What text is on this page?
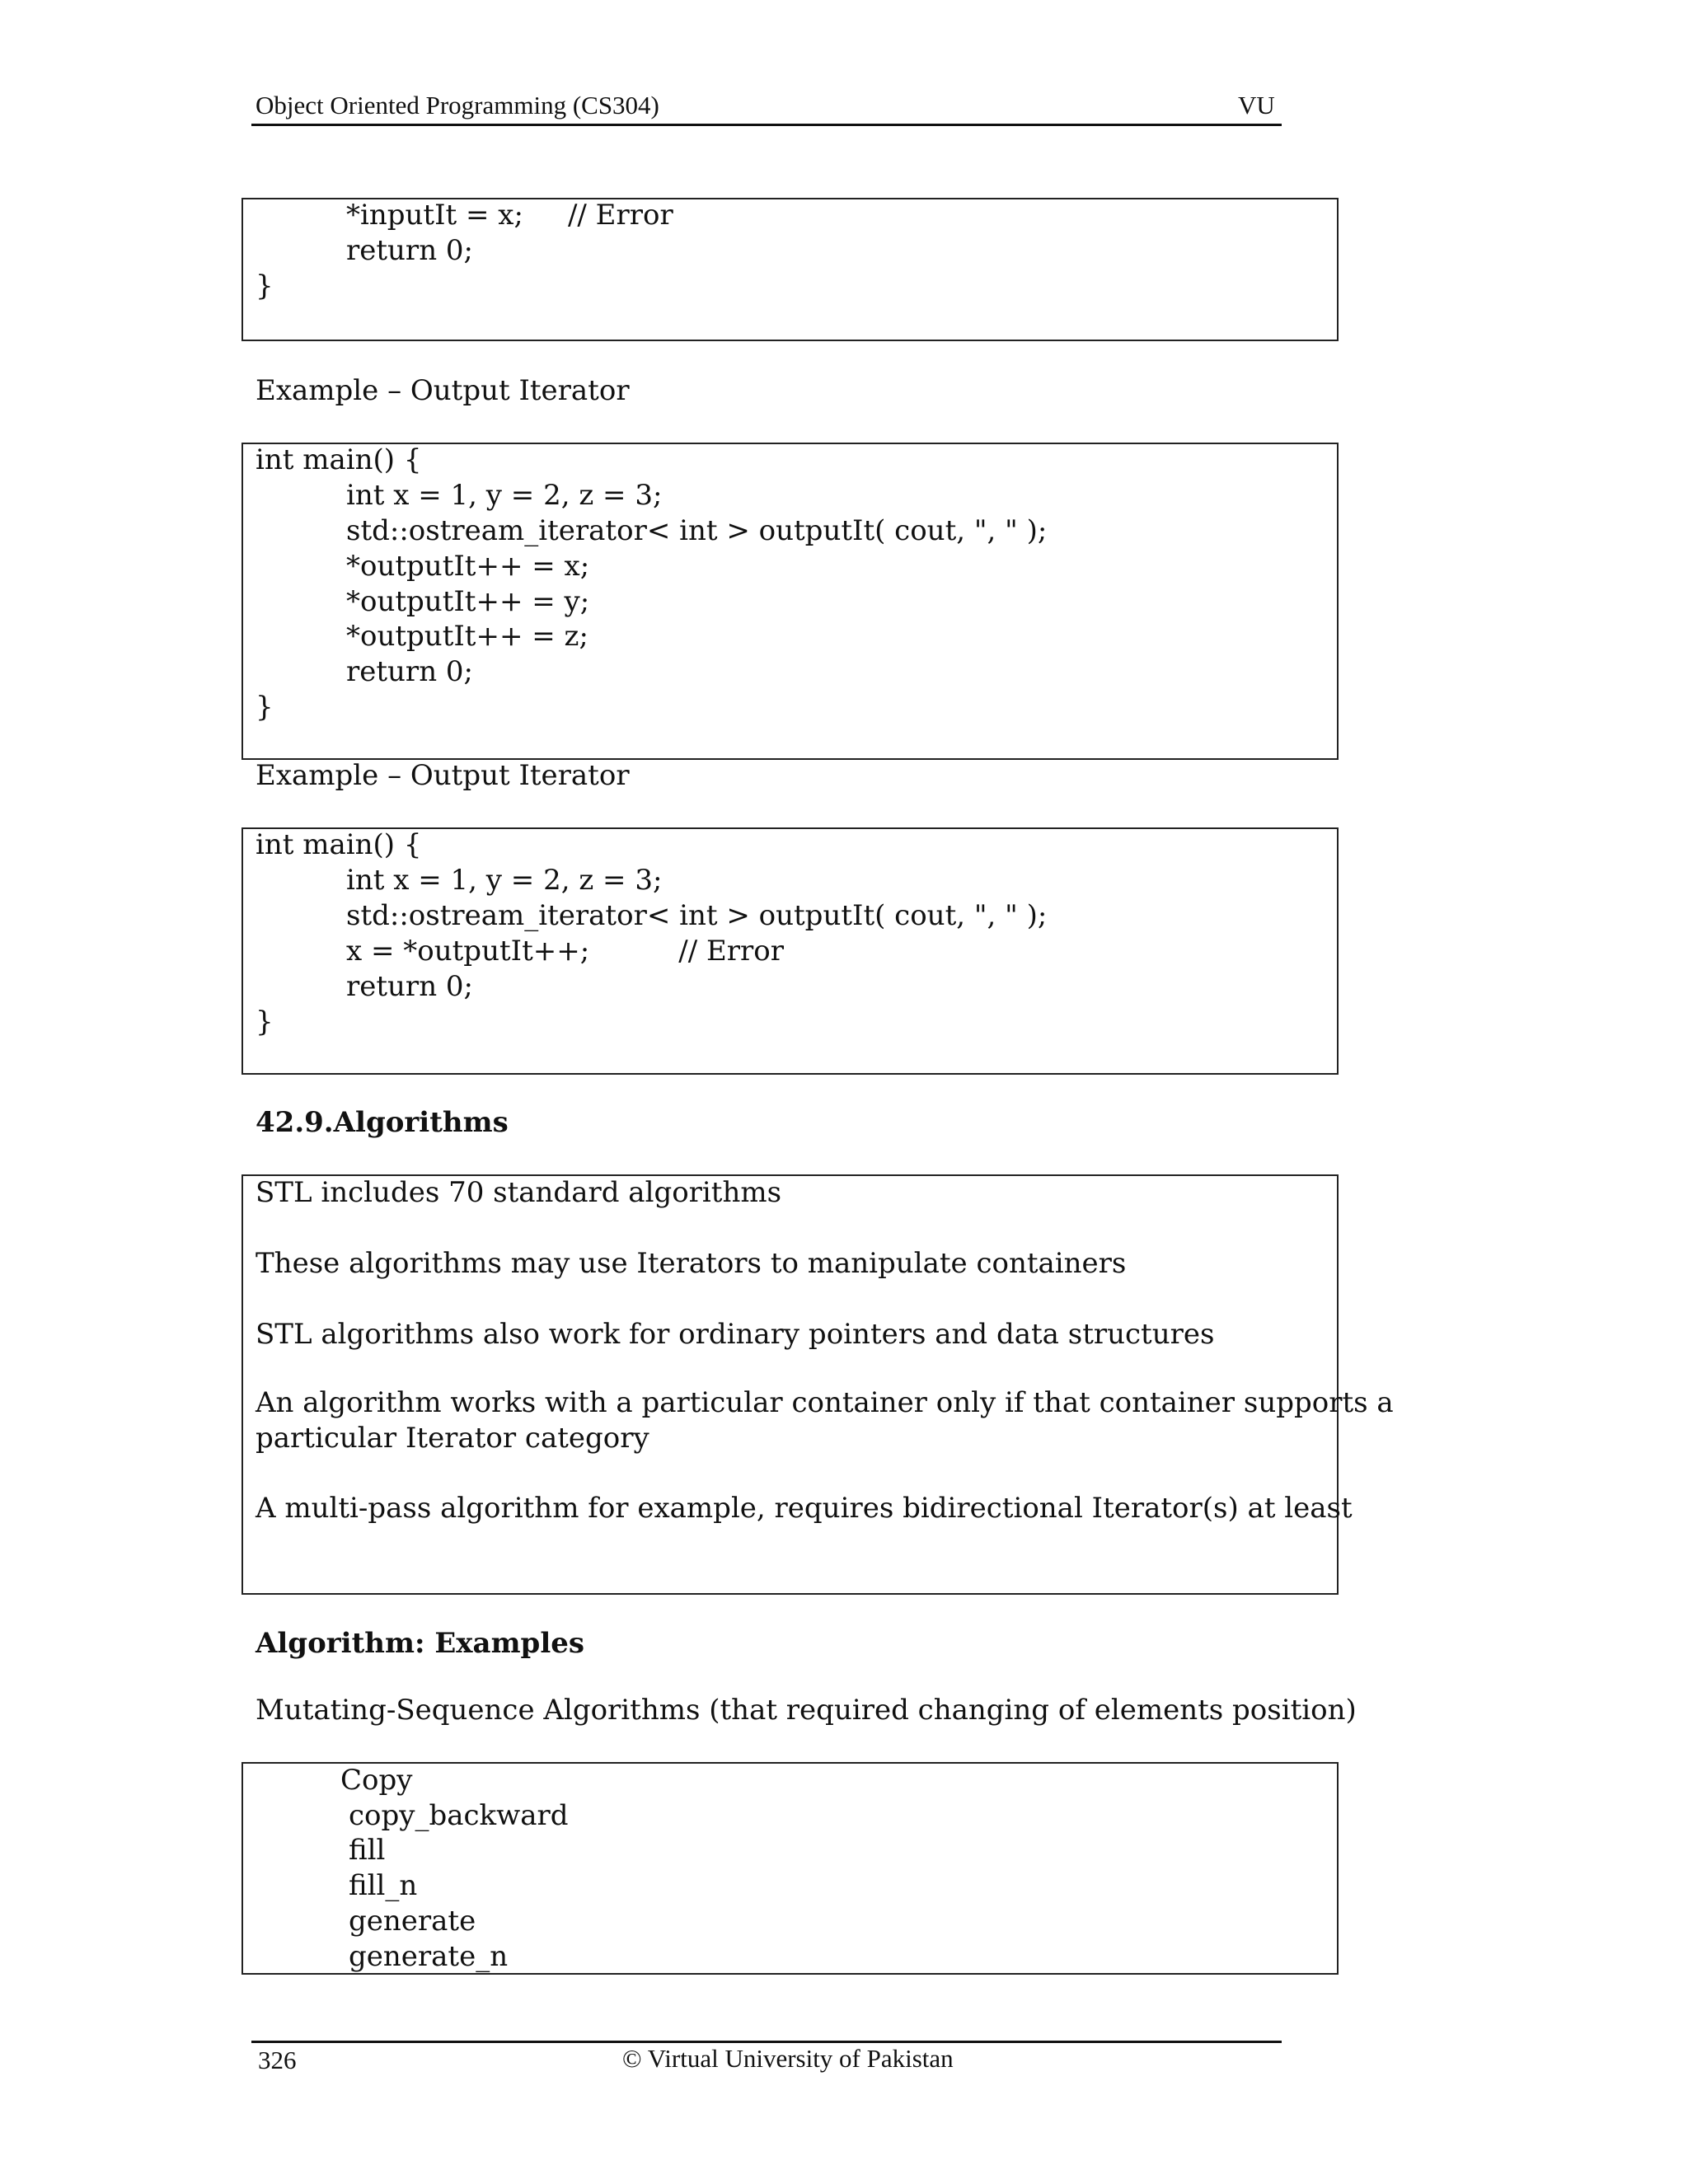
Object Oriented Programming (CS304)	VU
*inputIt = x;     // Error
return 0;
}
Example – Output Iterator
int main() {
int x = 1, y = 2, z = 3;
std::ostream_iterator< int > outputIt( cout, ", " );
*outputIt++ = x;
*outputIt++ = y;
*outputIt++ = z;
return 0;
}
Example – Output Iterator
int main() {
int x = 1, y = 2, z = 3;
std::ostream_iterator< int > outputIt( cout, ", " );
x = *outputIt++;          // Error
return 0;
}
42.9.Algorithms
STL includes 70 standard algorithms
These algorithms may use Iterators to manipulate containers
STL algorithms also work for ordinary pointers and data structures
An algorithm works with a particular container only if that container supports a
particular Iterator category
A multi-pass algorithm for example, requires bidirectional Iterator(s) at least
Algorithm: Examples
Mutating-Sequence Algorithms (that required changing of elements position)
Copy
copy_backward
fill
fill_n
generate
generate_n
326	© Virtual University of Pakistan
